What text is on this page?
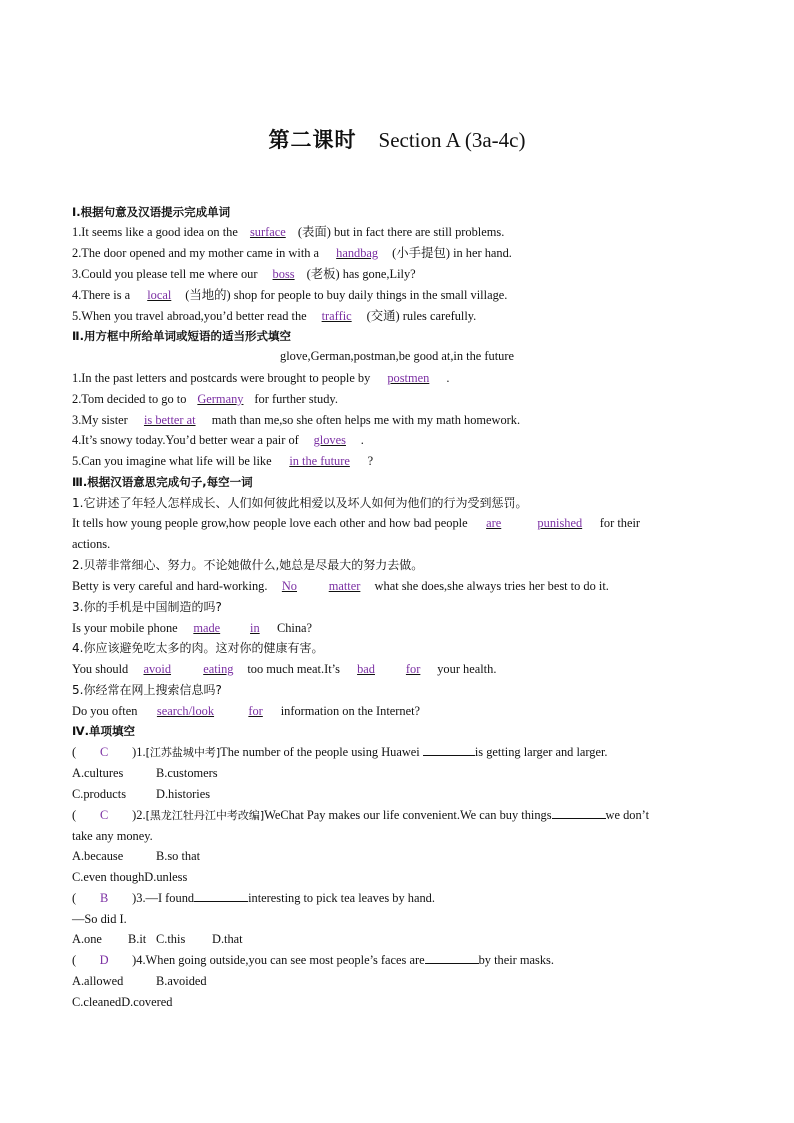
第二课时 Section A (3a-4c)
Ⅰ.根据句意及汉语提示完成单词
1.It seems like a good idea on the surface (表面) but in fact there are still problems.
2.The door opened and my mother came in with a handbag (小手提包) in her hand.
3.Could you please tell me where our boss (老板) has gone,Lily?
4.There is a local (当地的) shop for people to buy daily things in the small village.
5.When you travel abroad,you’d better read the traffic (交通) rules carefully.
Ⅱ.用方框中所给单词或短语的适当形式填空
glove,German,postman,be good at,in the future
1.In the past letters and postcards were brought to people by postmen .
2.Tom decided to go to Germany for further study.
3.My sister is better at math than me,so she often helps me with my math homework.
4.It’s snowy today.You’d better wear a pair of gloves .
5.Can you imagine what life will be like in the future ?
Ⅲ.根据汉语意思完成句子,每空一词
1.它讲述了年轻人怎样成长、人们如何彼此相爱以及坏人如何为他们的行为受到惩罚。
It tells how young people grow,how people love each other and how bad people are	punished for their
actions.
2.贝蒂非常细心、努力。不论她做什么,她总是尽最大的努力去做。
Betty is very careful and hard-working. No	matter what she does,she always tries her best to do it.
3.你的手机是中国制造的吗?
Is your mobile phone made in China?
4.你应该避免吃太多的肉。这对你的健康有害。
You should avoid	eating too much meat.It’s bad for your health.
5.你经常在网上搜索信息吗?
Do you often search/look	for information on the Internet?
Ⅳ.单项填空
( C )1.[江苏盐城中考]The number of the people using Huawei	is getting larger and larger.
A.cultures	B.customers
C.products D.histories
( C )2.[黑龙江牡丹江中考改编]WeChat Pay makes our life convenient.We can buy things	we don’t
take any money.
A.because	B.so that
C.even thoughD.unless
( B )3.—I found	interesting to pick tea leaves by hand.
—So did I.
A.one B.it C.this D.that
( D )4.When going outside,you can see most people’s faces are	by their masks.
A.allowed	B.avoided
C.cleanedD.covered
